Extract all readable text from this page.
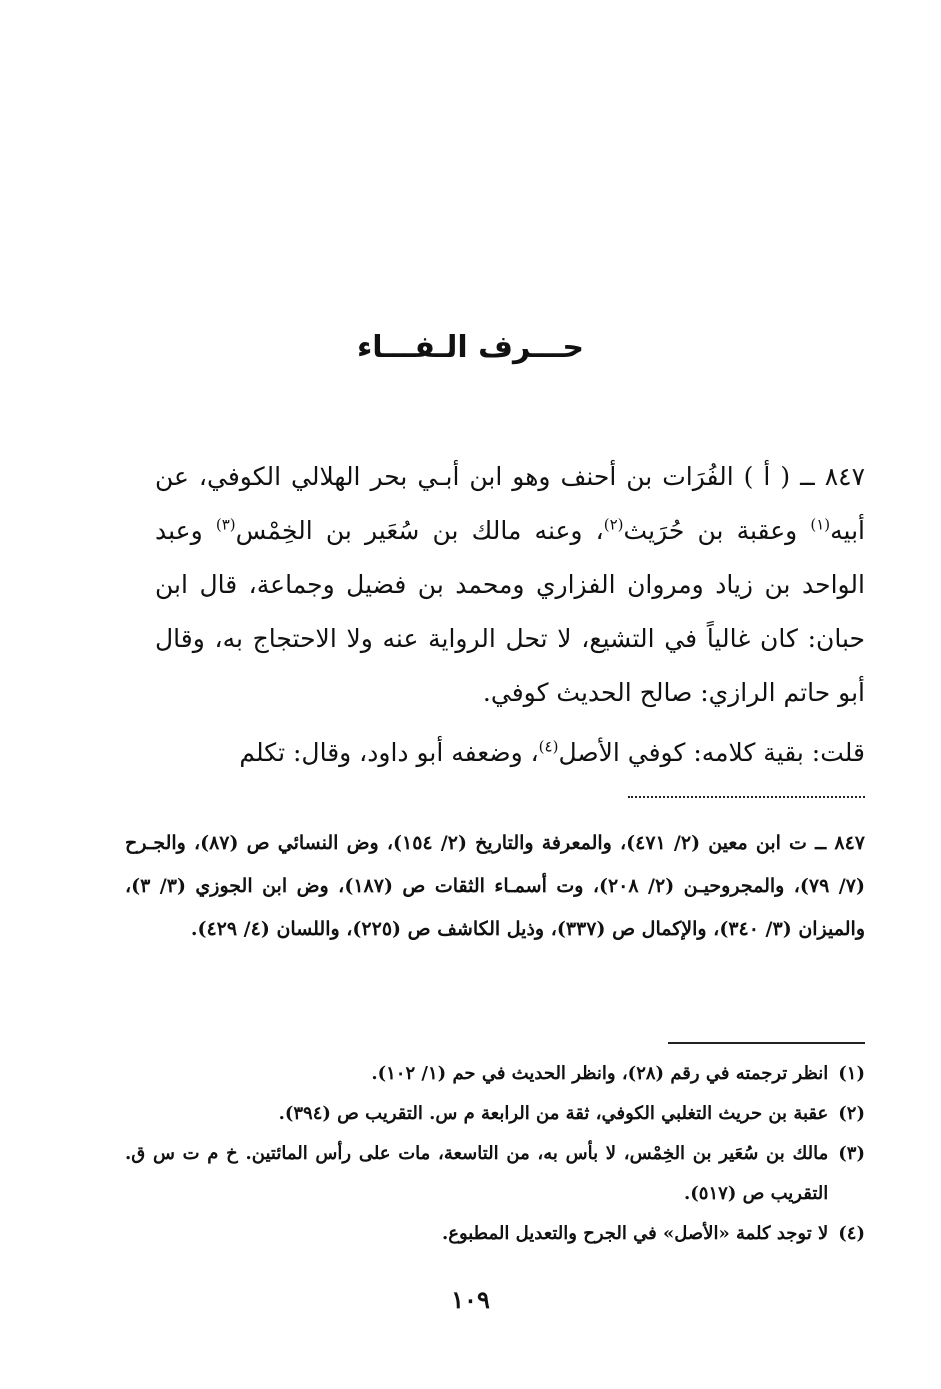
حـــرف الـفـــاء

٨٤٧ ــ ( أ ) الفُرَات بن أحنف وهو ابن أبـي بحر الهلالي الكوفي، عن أبيه$^{(١)}$ وعقبة بن حُرَيث$^{(٢)}$، وعنه مالك بن سُعَير بن الخِمْس$^{(٣)}$ وعبد الواحد بن زياد ومروان الفزاري ومحمد بن فضيل وجماعة، قال ابن حبان: كان غالياً في التشيع، لا تحل الرواية عنه ولا الاحتجاج به، وقال أبو حاتم الرازي: صالح الحديث كوفي.

قلت: بقية كلامه: كوفي الأصل$^{(٤)}$، وضعفه أبو داود، وقال: تكلم

٨٤٧ ــ ت ابن معين (٢/ ٤٧١)، والمعرفة والتاريخ (٢/ ١٥٤)، وض النسائي ص (٨٧)، والجـرح (٧/ ٧٩)، والمجروحيـن (٢/ ٢٠٨)، وت أسمـاء الثقات ص (١٨٧)، وض ابن الجوزي (٣/ ٣)، والميزان (٣/ ٣٤٠)، والإكمال ص (٣٣٧)، وذيل الكاشف ص (٢٢٥)، واللسان (٤/ ٤٢٩).

(١)
انظر ترجمته في رقم (٢٨)، وانظر الحديث في حم (١/ ١٠٢).
(٢)
عقبة بن حريث التغلبي الكوفي، ثقة من الرابعة م س. التقريب ص (٣٩٤).
(٣)
مالك بن سُعَير بن الخِمْس، لا بأس به، من التاسعة، مات على رأس المائتين. خ م ت س ق. التقريب ص (٥١٧).
(٤)
لا توجد كلمة «الأصل» في الجرح والتعديل المطبوع.
١٠٩
